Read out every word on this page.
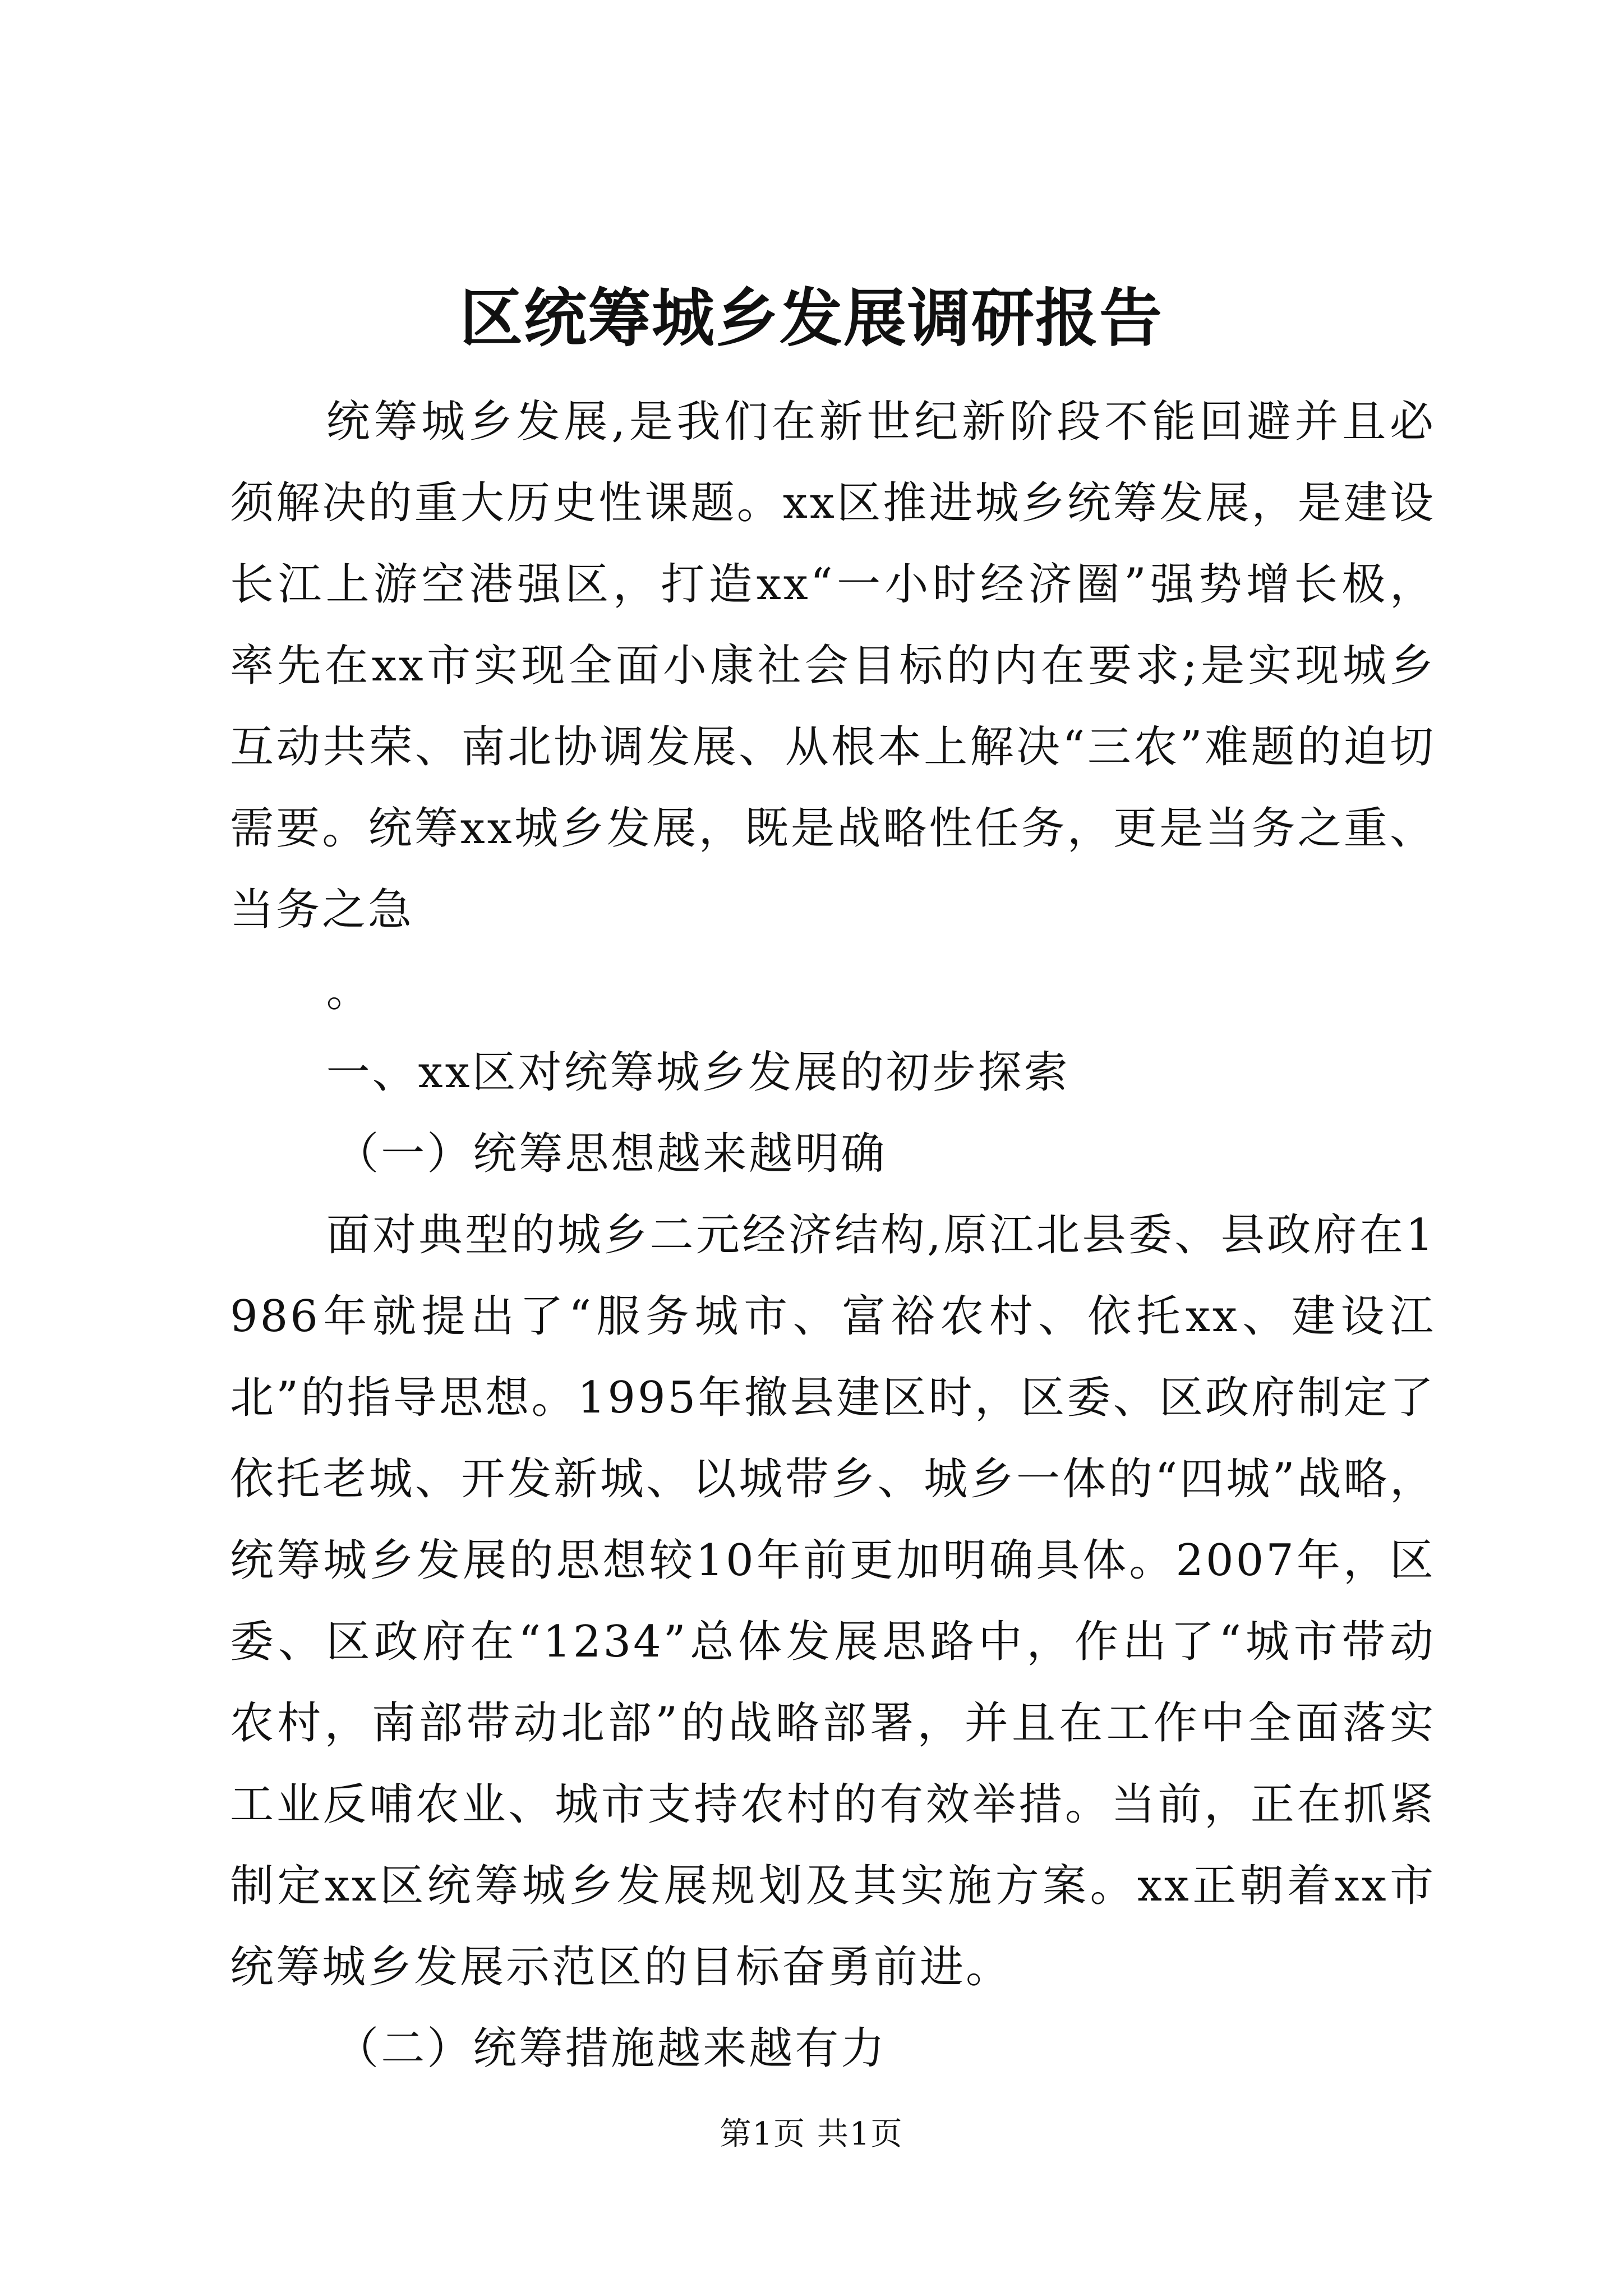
区统筹城乡发展调研报告

统筹城乡发展,是我们在新世纪新阶段不能回避并且必须解决的重大历史性课题。xx区推进城乡统筹发展，是建设长江上游空港强区，打造xx“一小时经济圈”强势增长极，率先在xx市实现全面小康社会目标的内在要求;是实现城乡互动共荣、南北协调发展、从根本上解决“三农”难题的迫切需要。统筹xx城乡发展，既是战略性任务，更是当务之重、当务之急

。

一、xx区对统筹城乡发展的初步探索

（一）统筹思想越来越明确

面对典型的城乡二元经济结构,原江北县委、县政府在1986年就提出了“服务城市、富裕农村、依托xx、建设江北”的指导思想。1995年撤县建区时，区委、区政府制定了依托老城、开发新城、以城带乡、城乡一体的“四城”战略，统筹城乡发展的思想较10年前更加明确具体。2007年，区委、区政府在“1234”总体发展思路中，作出了“城市带动农村，南部带动北部”的战略部署，并且在工作中全面落实工业反哺农业、城市支持农村的有效举措。当前，正在抓紧制定xx区统筹城乡发展规划及其实施方案。xx正朝着xx市统筹城乡发展示范区的目标奋勇前进。

（二）统筹措施越来越有力

第1页 共1页
